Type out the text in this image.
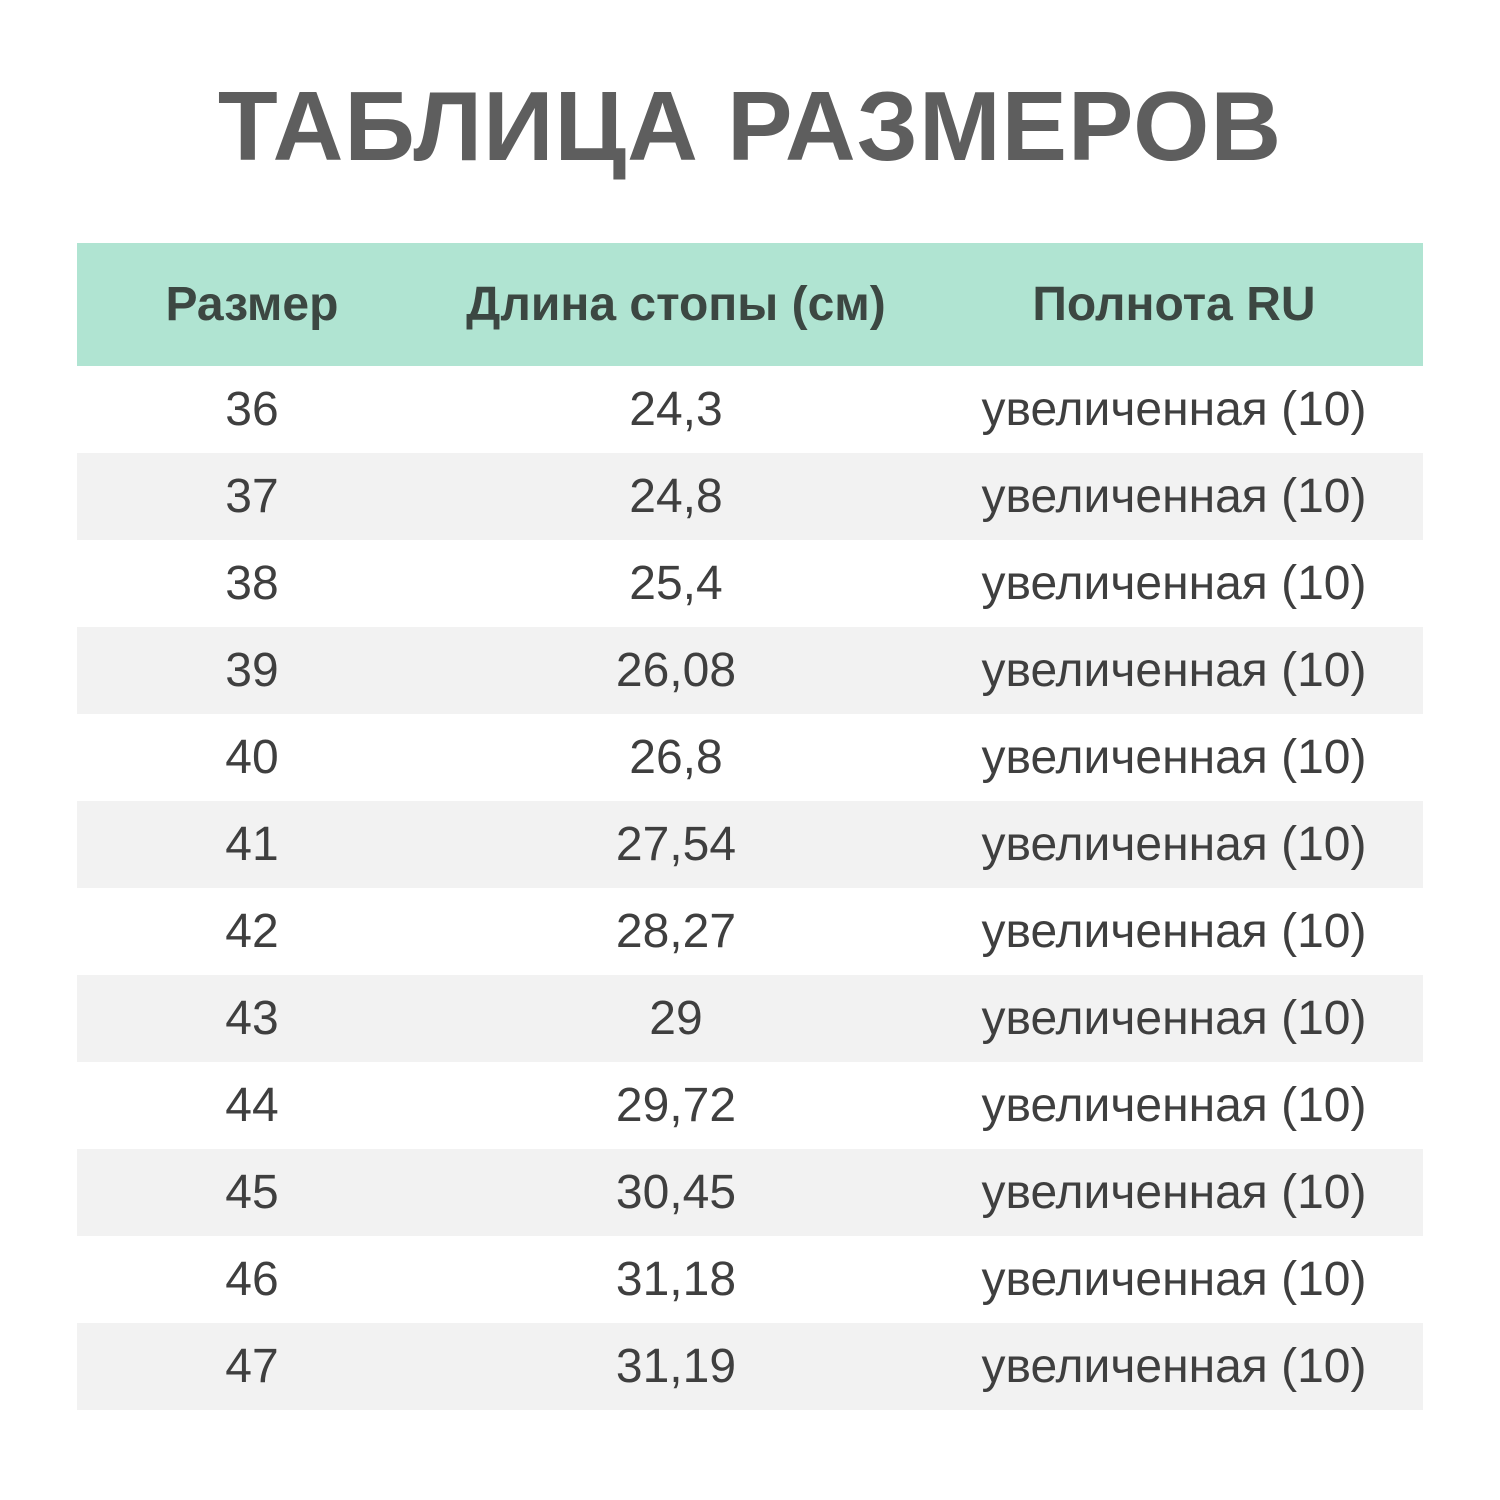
ТАБЛИЦА РАЗМЕРОВ
Размер	Длина стопы (см)	Полнота RU
36	24,3	увеличенная (10)
37	24,8	увеличенная (10)
38	25,4	увеличенная (10)
39	26,08	увеличенная (10)
40	26,8	увеличенная (10)
41	27,54	увеличенная (10)
42	28,27	увеличенная (10)
43	29	увеличенная (10)
44	29,72	увеличенная (10)
45	30,45	увеличенная (10)
46	31,18	увеличенная (10)
47	31,19	увеличенная (10)
